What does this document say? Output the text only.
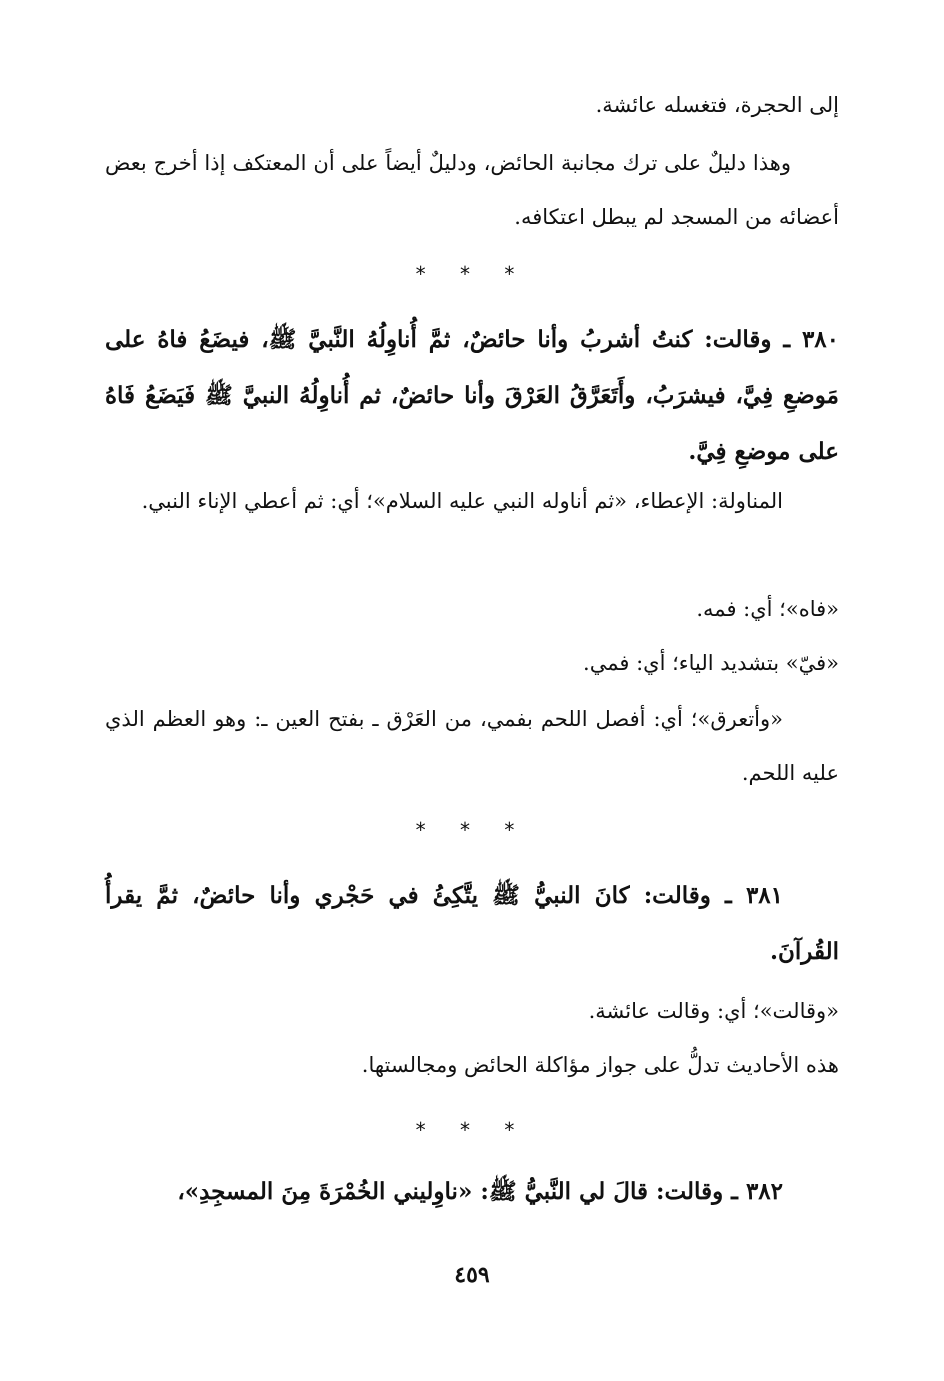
إلى الحجرة، فتغسله عائشة.

وهذا دليلٌ على ترك مجانبة الحائض، ودليلٌ أيضاً على أن المعتكف إذا أخرج بعض أعضائه من المسجد لم يبطل اعتكافه.

* * *

٣٨٠ ـ وقالت: كنتُ أشربُ وأنا حائضٌ، ثمَّ أُناوِلُهُ النَّبيَّ ﷺ، فيضَعُ فاهُ على مَوضعِ فِيَّ، فيشرَبُ، وأَتَعَرَّقُ العَرْقَ وأنا حائضٌ، ثم أُناوِلُهُ النبيَّ ﷺ فَيَضَعُ فَاهُ على موضعِ فِيَّ.

المناولة: الإعطاء، «ثم أناوله النبي عليه السلام»؛ أي: ثم أعطي الإناء النبي.

«فاه»؛ أي: فمه.

«فيّ» بتشديد الياء؛ أي: فمي.

«وأتعرق»؛ أي: أفصل اللحم بفمي، من العَرْق ـ بفتح العين ـ: وهو العظم الذي عليه اللحم.

* * *

٣٨١ ـ وقالت: كانَ النبيُّ ﷺ يتَّكِئُ في حَجْري وأنا حائضٌ، ثمَّ يقرأُ القُرآنَ.

«وقالت»؛ أي: وقالت عائشة.

هذه الأحاديث تدلُّ على جواز مؤاكلة الحائض ومجالستها.

* * *

٣٨٢ ـ وقالت: قالَ لي النَّبيُّ ﷺ: «ناوِليني الخُمْرَةَ مِنَ المسجِدِ»،

٤٥٩
